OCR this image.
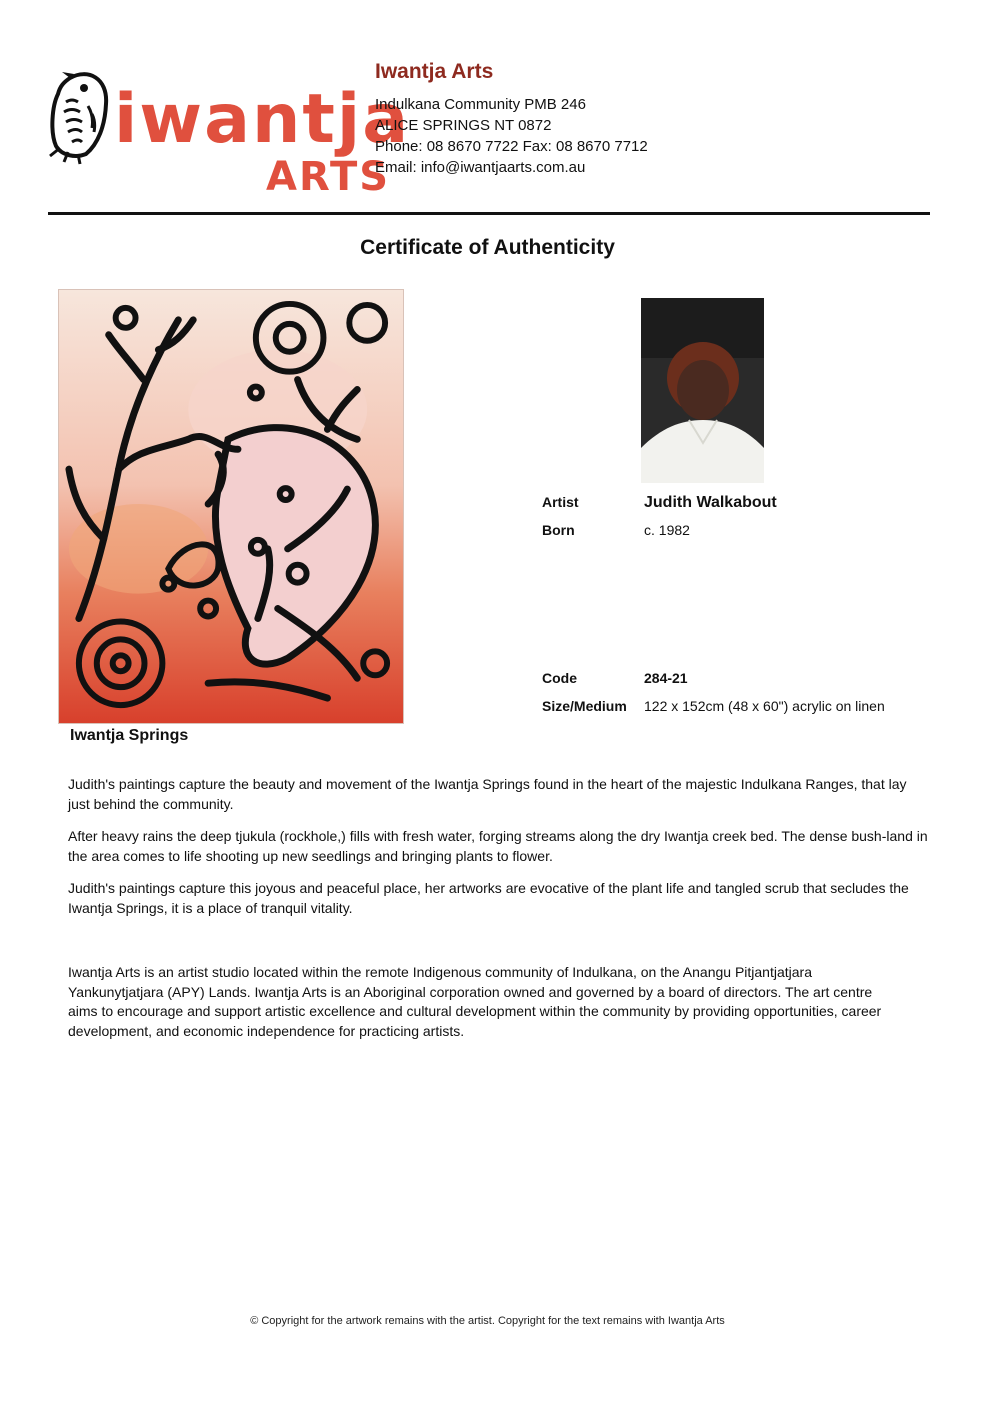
iwantja
ARTS
Iwantja Arts
Indulkana Community PMB 246
ALICE SPRINGS NT 0872
Phone: 08 8670 7722 Fax: 08 8670 7712
Email: info@iwantjaarts.com.au
Certificate of Authenticity
Iwantja Springs
Artist	Judith Walkabout
Born	c. 1982
Code	284-21
Size/Medium 122 x 152cm (48 x 60") acrylic on linen

Judith's paintings capture the beauty and movement of the Iwantja Springs found in the heart of the majestic Indulkana Ranges, that lay just behind the community.

After heavy rains the deep tjukula (rockhole,) fills with fresh water, forging streams along the dry Iwantja creek bed. The dense bush-land in the area comes to life shooting up new seedlings and bringing plants to flower.

Judith's paintings capture this joyous and peaceful place, her artworks are evocative of the plant life and tangled scrub that secludes the Iwantja Springs, it is a place of tranquil vitality.

Iwantja Arts is an artist studio located within the remote Indigenous community of Indulkana, on the Anangu Pitjantjatjara Yankunytjatjara (APY) Lands. Iwantja Arts is an Aboriginal corporation owned and governed by a board of directors. The art centre aims to encourage and support artistic excellence and cultural development within the community by providing opportunities, career development, and economic independence for practicing artists.

© Copyright for the artwork remains with the artist. Copyright for the text remains with Iwantja Arts
